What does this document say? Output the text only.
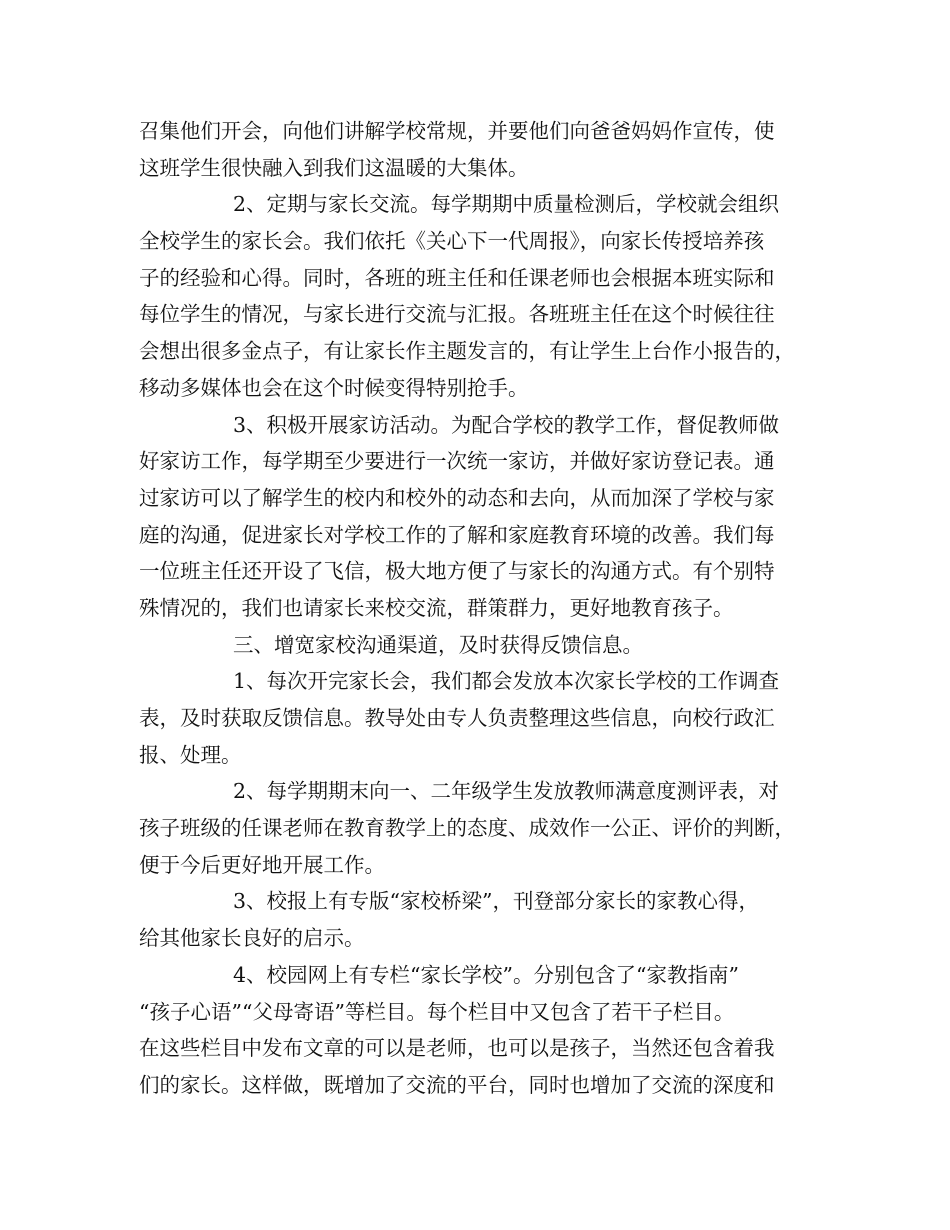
召集他们开会，向他们讲解学校常规，并要他们向爸爸妈妈作宣传，使
这班学生很快融入到我们这温暖的大集体。
2、定期与家长交流。每学期期中质量检测后，学校就会组织
全校学生的家长会。我们依托《关心下一代周报》，向家长传授培养孩
子的经验和心得。同时，各班的班主任和任课老师也会根据本班实际和
每位学生的情况，与家长进行交流与汇报。各班班主任在这个时候往往
会想出很多金点子，有让家长作主题发言的，有让学生上台作小报告的，
移动多媒体也会在这个时候变得特别抢手。
3、积极开展家访活动。为配合学校的教学工作，督促教师做
好家访工作，每学期至少要进行一次统一家访，并做好家访登记表。通
过家访可以了解学生的校内和校外的动态和去向，从而加深了学校与家
庭的沟通，促进家长对学校工作的了解和家庭教育环境的改善。我们每
一位班主任还开设了飞信，极大地方便了与家长的沟通方式。有个别特
殊情况的，我们也请家长来校交流，群策群力，更好地教育孩子。
三、增宽家校沟通渠道，及时获得反馈信息。
1、每次开完家长会，我们都会发放本次家长学校的工作调查
表，及时获取反馈信息。教导处由专人负责整理这些信息，向校行政汇
报、处理。
2、每学期期末向一、二年级学生发放教师满意度测评表，对
孩子班级的任课老师在教育教学上的态度、成效作一公正、评价的判断，
便于今后更好地开展工作。
3、校报上有专版“家校桥梁”，刊登部分家长的家教心得，
给其他家长良好的启示。
4、校园网上有专栏“家长学校”。分别包含了“家教指南”
“孩子心语”“父母寄语”等栏目。每个栏目中又包含了若干子栏目。
在这些栏目中发布文章的可以是老师，也可以是孩子，当然还包含着我
们的家长。这样做，既增加了交流的平台，同时也增加了交流的深度和
